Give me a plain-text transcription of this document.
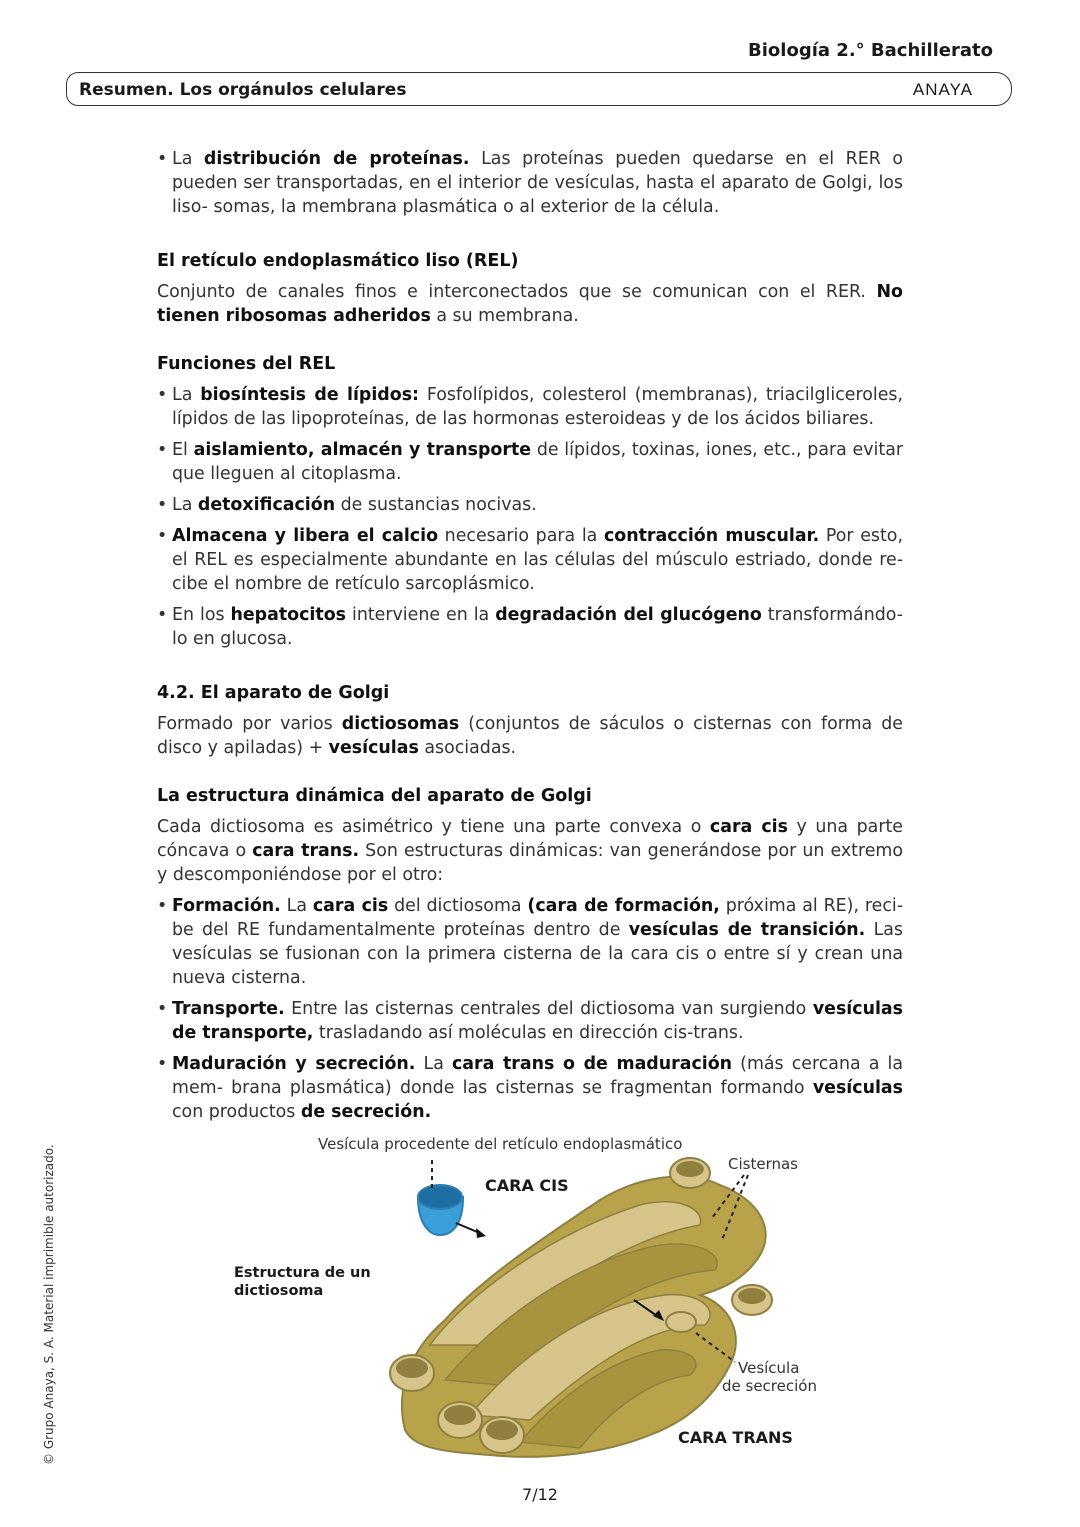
Biología 2.° Bachillerato
Resumen. Los orgánulos celulares	ANAYA
• La distribución de proteínas. Las proteínas pueden quedarse en el RER o pueden ser transportadas, en el interior de vesículas, hasta el aparato de Golgi, los liso- somas, la membrana plasmática o al exterior de la célula.
El retículo endoplasmático liso (REL)

Conjunto de canales finos e interconectados que se comunican con el RER. No tienen ribosomas adheridos a su membrana.

Funciones del REL
• La biosíntesis de lípidos: Fosfolípidos, colesterol (membranas), triacilgliceroles, lípidos de las lipoproteínas, de las hormonas esteroideas y de los ácidos biliares.
• El aislamiento, almacén y transporte de lípidos, toxinas, iones, etc., para evitar que lleguen al citoplasma.
• La detoxificación de sustancias nocivas.
• Almacena y libera el calcio necesario para la contracción muscular. Por esto, el REL es especialmente abundante en las células del músculo estriado, donde re- cibe el nombre de retículo sarcoplásmico.
• En los hepatocitos interviene en la degradación del glucógeno transformándo- lo en glucosa.
4.2. El aparato de Golgi

Formado por varios dictiosomas (conjuntos de sáculos o cisternas con forma de disco y apiladas) + vesículas asociadas.

La estructura dinámica del aparato de Golgi

Cada dictiosoma es asimétrico y tiene una parte convexa o cara cis y una parte cóncava o cara trans. Son estructuras dinámicas: van generándose por un extremo y descomponiéndose por el otro:

• Formación. La cara cis del dictiosoma (cara de formación, próxima al RE), reci- be del RE fundamentalmente proteínas dentro de vesículas de transición. Las vesículas se fusionan con la primera cisterna de la cara cis o entre sí y crean una nueva cisterna.
• Transporte. Entre las cisternas centrales del dictiosoma van surgiendo vesículas de transporte, trasladando así moléculas en dirección cis-trans.
• Maduración y secreción. La cara trans o de maduración (más cercana a la mem- brana plasmática) donde las cisternas se fragmentan formando vesículas con productos de secreción.
Vesícula procedente del retículo endoplasmático
CARA CIS
Cisternas
Estructura de un
dictiosoma
Vesícula
de secreción
CARA TRANS
7/12
© Grupo Anaya, S. A. Material imprimible autorizado.
